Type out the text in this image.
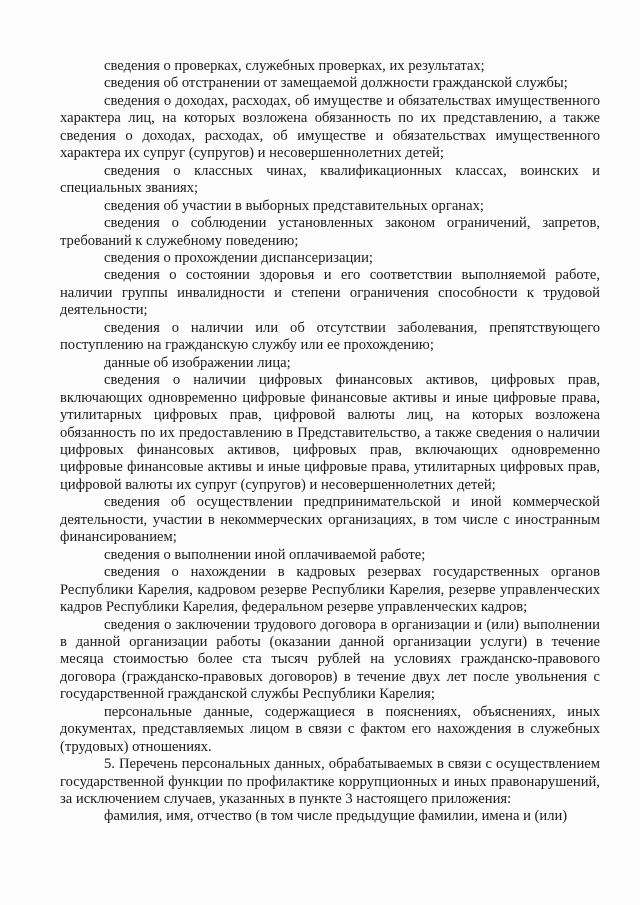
сведения о проверках, служебных проверках, их результатах;

сведения об отстранении от замещаемой должности гражданской службы;

сведения о доходах, расходах, об имуществе и обязательствах имущественного характера лиц, на которых возложена обязанность по их представлению, а также сведения о доходах, расходах, об имуществе и обязательствах имущественного характера их супруг (супругов) и несовершеннолетних детей;

сведения о классных чинах, квалификационных классах, воинских и специальных званиях;

сведения об участии в выборных представительных органах;

сведения о соблюдении установленных законом ограничений, запретов, требований к служебному поведению;

сведения о прохождении диспансеризации;

сведения о состоянии здоровья и его соответствии выполняемой работе, наличии группы инвалидности и степени ограничения способности к трудовой деятельности;

сведения о наличии или об отсутствии заболевания, препятствующего поступлению на гражданскую службу или ее прохождению;

данные об изображении лица;

сведения о наличии цифровых финансовых активов, цифровых прав, включающих одновременно цифровые финансовые активы и иные цифровые права, утилитарных цифровых прав, цифровой валюты лиц, на которых возложена обязанность по их предоставлению в Представительство, а также сведения о наличии цифровых финансовых активов, цифровых прав, включающих одновременно цифровые финансовые активы и иные цифровые права, утилитарных цифровых прав, цифровой валюты их супруг (супругов) и несовершеннолетних детей;

сведения об осуществлении предпринимательской и иной коммерческой деятельности, участии в некоммерческих организациях, в том числе с иностранным финансированием;

сведения о выполнении иной оплачиваемой работе;

сведения о нахождении в кадровых резервах государственных органов Республики Карелия, кадровом резерве Республики Карелия, резерве управленческих кадров Республики Карелия, федеральном резерве управленческих кадров;

сведения о заключении трудового договора в организации и (или) выполнении в данной организации работы (оказании данной организации услуги) в течение месяца стоимостью более ста тысяч рублей на условиях гражданско-правового договора (гражданско-правовых договоров) в течение двух лет после увольнения с государственной гражданской службы Республики Карелия;

персональные данные, содержащиеся в пояснениях, объяснениях, иных документах, представляемых лицом в связи с фактом его нахождения в служебных (трудовых) отношениях.

5. Перечень персональных данных, обрабатываемых в связи с осуществлением государственной функции по профилактике коррупционных и иных правонарушений, за исключением случаев, указанных в пункте 3 настоящего приложения:

фамилия, имя, отчество (в том числе предыдущие фамилии, имена и (или)
